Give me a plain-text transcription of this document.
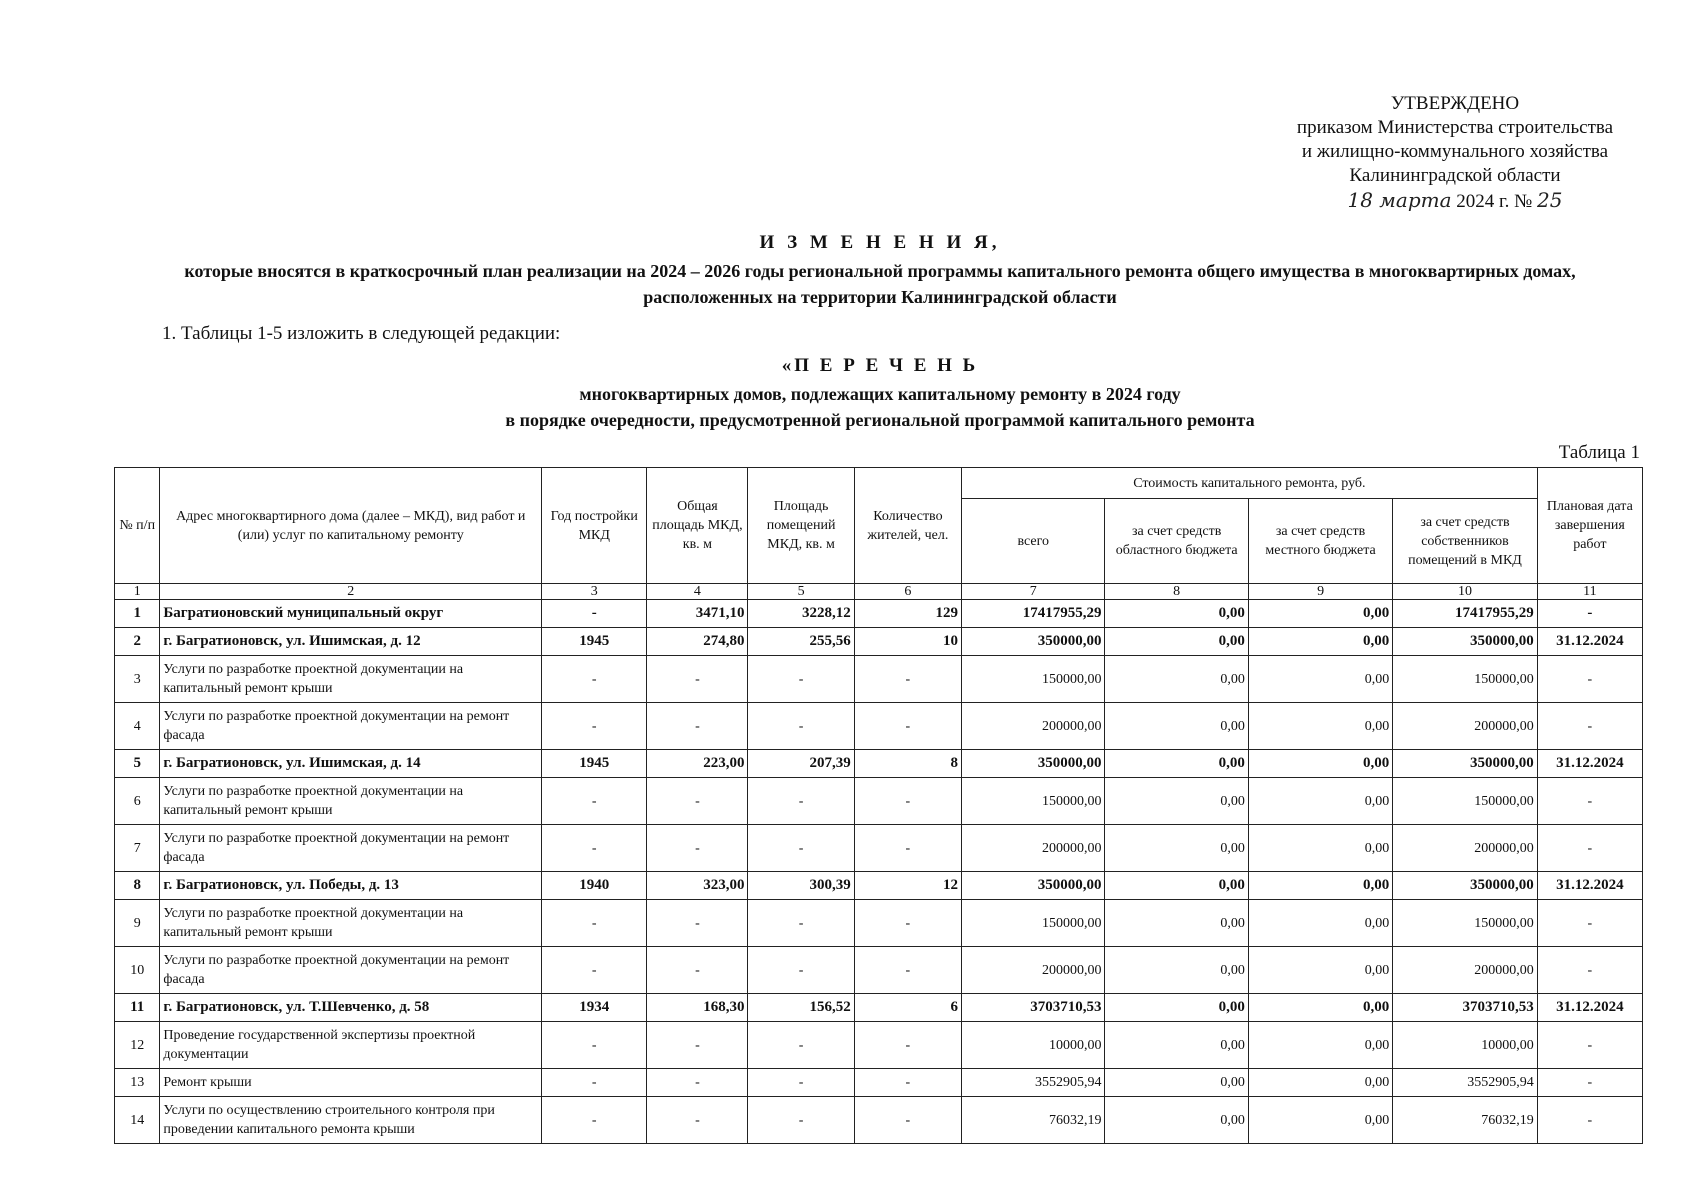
УТВЕРЖДЕНО
приказом Министерства строительства
и жилищно-коммунального хозяйства
Калининградской области
18 марта 2024 г. № 25
И З М Е Н Е Н И Я,
которые вносятся в краткосрочный план реализации на 2024 – 2026 годы региональной программы капитального ремонта общего имущества в многоквартирных домах, расположенных на территории Калининградской области
1. Таблицы 1-5 изложить в следующей редакции:
«П Е Р Е Ч Е Н Ь
многоквартирных домов, подлежащих капитальному ремонту в 2024 году
в порядке очередности, предусмотренной региональной программой капитального ремонта
Таблица 1
№ п/п	Адрес многоквартирного дома (далее – МКД), вид работ и (или) услуг по капитальному ремонту	Год постройки МКД	Общая площадь МКД, кв. м	Площадь помещений МКД, кв. м	Количество жителей, чел.	Стоимость капитального ремонта, руб.				Плановая дата завершения работ
						всего	за счет средств областного бюджета	за счет средств местного бюджета	за счет средств собственников помещений в МКД	
1	2	3	4	5	6	7	8	9	10	11
1	Багратионовский муниципальный округ	-	3471,10	3228,12	129	17417955,29	0,00	0,00	17417955,29	-
2	г. Багратионовск, ул. Ишимская, д. 12	1945	274,80	255,56	10	350000,00	0,00	0,00	350000,00	31.12.2024
3	Услуги по разработке проектной документации на капитальный ремонт крыши	-	-	-	-	150000,00	0,00	0,00	150000,00	-
4	Услуги по разработке проектной документации на ремонт фасада	-	-	-	-	200000,00	0,00	0,00	200000,00	-
5	г. Багратионовск, ул. Ишимская, д. 14	1945	223,00	207,39	8	350000,00	0,00	0,00	350000,00	31.12.2024
6	Услуги по разработке проектной документации на капитальный ремонт крыши	-	-	-	-	150000,00	0,00	0,00	150000,00	-
7	Услуги по разработке проектной документации на ремонт фасада	-	-	-	-	200000,00	0,00	0,00	200000,00	-
8	г. Багратионовск, ул. Победы, д. 13	1940	323,00	300,39	12	350000,00	0,00	0,00	350000,00	31.12.2024
9	Услуги по разработке проектной документации на капитальный ремонт крыши	-	-	-	-	150000,00	0,00	0,00	150000,00	-
10	Услуги по разработке проектной документации на ремонт фасада	-	-	-	-	200000,00	0,00	0,00	200000,00	-
11	г. Багратионовск, ул. Т.Шевченко, д. 58	1934	168,30	156,52	6	3703710,53	0,00	0,00	3703710,53	31.12.2024
12	Проведение государственной экспертизы проектной документации	-	-	-	-	10000,00	0,00	0,00	10000,00	-
13	Ремонт крыши	-	-	-	-	3552905,94	0,00	0,00	3552905,94	-
14	Услуги по осуществлению строительного контроля при проведении капитального ремонта крыши	-	-	-	-	76032,19	0,00	0,00	76032,19	-
